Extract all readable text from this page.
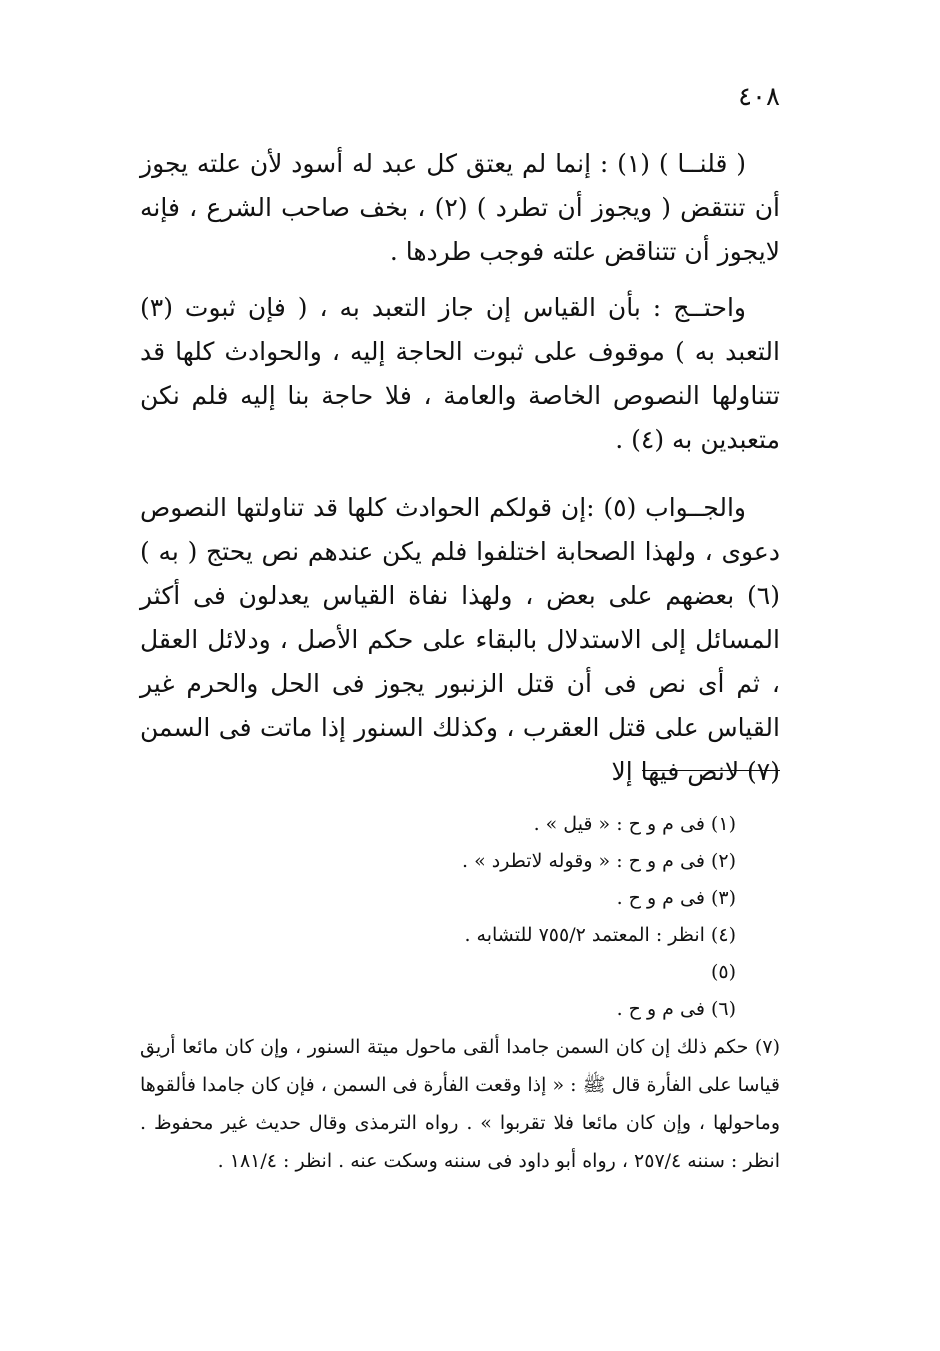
٤٠٨

( قلنــا ) (١) : إنما لم يعتق كل عبد له أسود لأن علته يجوز أن تنتقض ( ويجوز أن تطرد ) (٢) ، بخف صاحب الشرع ، فإنه لايجوز أن تتناقض علته فوجب طردها .

واحتــج : بأن القياس إن جاز التعبد به ، ( فإن ثبوت (٣) التعبد به ) موقوف على ثبوت الحاجة إليه ، والحوادث كلها قد تتناولها النصوص الخاصة والعامة ، فلا حاجة بنا إليه فلم نكن متعبدين به (٤) .

والجــواب (٥) :إن قولكم الحوادث كلها قد تناولتها النصوص دعوى ، ولهذا الصحابة اختلفوا فلم يكن عندهم نص يحتج ( به ) (٦) بعضهم على بعض ، ولهذا نفاة القياس يعدلون فى أكثر المسائل إلى الاستدلال بالبقاء على حكم الأصل ، ودلائل العقل ، ثم أى نص فى أن قتل الزنبور يجوز فى الحل والحرم غير القياس على قتل العقرب ، وكذلك السنور إذا ماتت فى السمن (٧) لانص فيها إلا

(١) فى م و ح : « قيل » .

(٢) فى م و ح : « وقوله لاتطرد » .

(٣) فى م و ح .

(٤) انظر : المعتمد ٧٥٥/٢ للتشابه .

(٥)

(٦) فى م و ح .

(٧) حكم ذلك إن كان السمن جامدا ألقى ماحول ميتة السنور ، وإن كان مائعا أريق قياسا على الفأرة قال ﷺ : « إذا وقعت الفأرة فى السمن ، فإن كان جامدا فألقوها وماحولها ، وإن كان مائعا فلا تقربوا » . رواه الترمذى وقال حديث غير محفوظ . انظر : سننه ٢٥٧/٤ ، رواه أبو داود فى سننه وسكت عنه . انظر : ١٨١/٤ .
